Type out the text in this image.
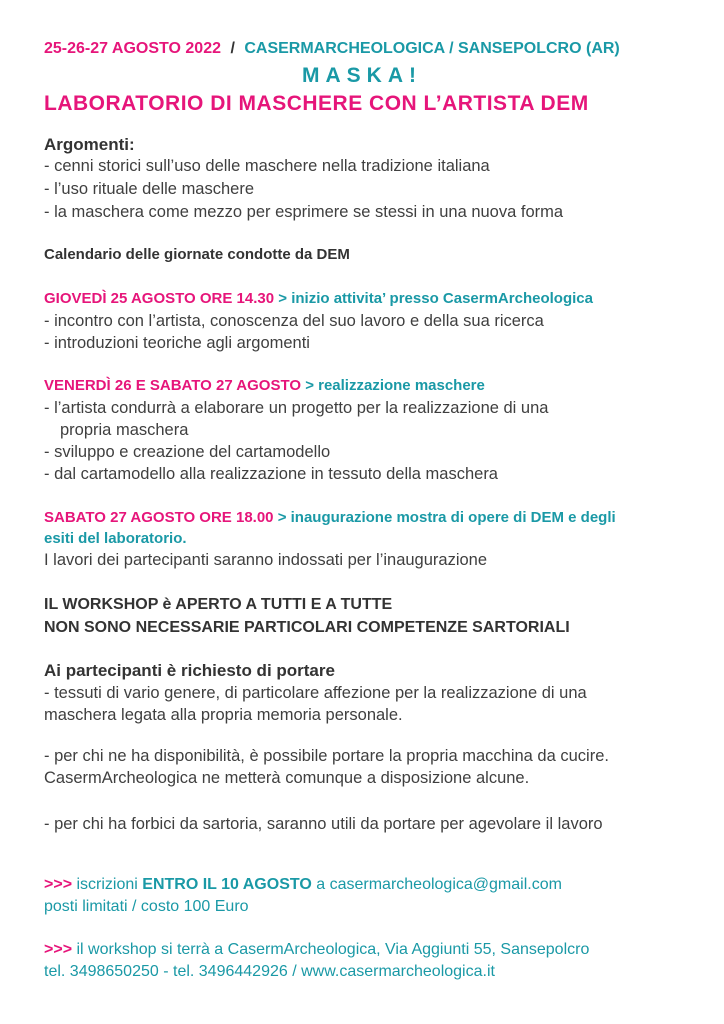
25-26-27 AGOSTO 2022 / CASERMARCHEOLOGICA / SANSEPOLCRO (AR)
MASKA!
LABORATORIO DI MASCHERE CON L’ARTISTA DEM
Argomenti:
- cenni storici sull’uso delle maschere nella tradizione italiana
- l’uso rituale delle maschere
- la maschera come mezzo per esprimere se stessi in una nuova forma
Calendario delle giornate condotte da DEM
GIOVEDÌ 25 AGOSTO ORE 14.30 > inizio attivita’ presso CasermArcheologica
- incontro con l’artista, conoscenza del suo lavoro e della sua ricerca
- introduzioni teoriche agli argomenti
VENERDÌ 26 E SABATO 27 AGOSTO > realizzazione maschere
- l’artista condurrà a elaborare un progetto per la realizzazione di una
propria maschera
- sviluppo e creazione del cartamodello
- dal cartamodello alla realizzazione in tessuto della maschera
SABATO 27 AGOSTO ORE 18.00 > inaugurazione mostra di opere di DEM e degli
esiti del laboratorio.
I lavori dei partecipanti saranno indossati per l’inaugurazione
IL WORKSHOP è APERTO A TUTTI E A TUTTE
NON SONO NECESSARIE PARTICOLARI COMPETENZE SARTORIALI
Ai partecipanti è richiesto di portare
- tessuti di vario genere, di particolare affezione per la realizzazione di una
maschera legata alla propria memoria personale.
- per chi ne ha disponibilità, è possibile portare la propria macchina da cucire.
CasermArcheologica ne metterà comunque a disposizione alcune.
- per chi ha forbici da sartoria, saranno utili da portare per agevolare il lavoro
>>> iscrizioni ENTRO IL 10 AGOSTO a casermarcheologica@gmail.com
posti limitati / costo 100 Euro
>>> il workshop si terrà a CasermArcheologica, Via Aggiunti 55, Sansepolcro
tel. 3498650250 - tel. 3496442926 / www.casermarcheologica.it
